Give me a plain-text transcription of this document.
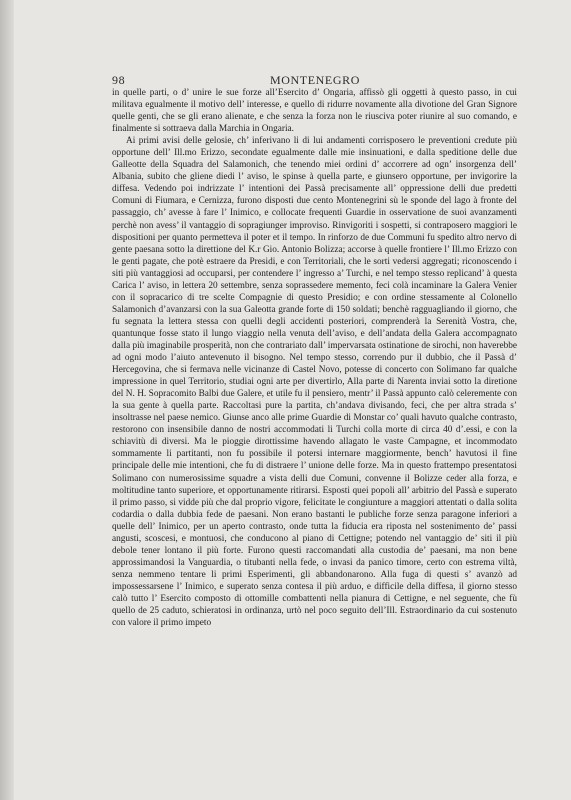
98	MONTENEGRO

in quelle parti, o d’ unire le sue forze all’Esercito d’ Ongaria, affissò gli oggetti à questo passo, in cui militava egualmente il motivo dell’ interesse, e quello di ridurre novamente alla divotione del Gran Signore quelle genti, che se gli erano alienate, e che senza la forza non le riusciva poter riunire al suo comando, e finalmente si sottraeva dalla Marchia in Ongaria.

Ai primi avisi delle gelosie, ch’ inferivano li di lui andamenti corrisposero le preventioni credute più opportune dell’ Ill.mo Erizzo, secondate egualmente dalle mie insinuationi, e dalla speditione delle due Galleotte della Squadra del Salamonich, che tenendo miei ordini d’ accorrere ad ogn’ insorgenza dell’ Albania, subito che gliene diedi l’ aviso, le spinse à quella parte, e giunsero opportune, per invigorire la diffesa. Vedendo poi indrizzate l’ intentioni dei Passà precisamente all’ oppressione delli due predetti Comuni di Fiumara, e Cernizza, furono disposti due cento Montenegrini sù le sponde del lago à fronte del passaggio, ch’ avesse à fare l’ Inimico, e collocate frequenti Guardie in osservatione de suoi avanzamenti perchè non avess’ il vantaggio di sopragiunger improviso. Rinvigoriti i sospetti, si contraposero maggiori le dispositioni per quanto permetteva il poter et il tempo. In rinforzo de due Communi fu spedito altro nervo di gente paesana sotto la direttione del K.r Gio. Antonio Bolizza; accorse à quelle frontiere l’ Ill.mo Erizzo con le genti pagate, che potè estraere da Presidi, e con Territoriali, che le sorti vedersi aggregati; riconoscendo i siti più vantaggiosi ad occuparsi, per contendere l’ ingresso a’ Turchi, e nel tempo stesso replicand’ à questa Carica l’ aviso, in lettera 20 settembre, senza soprassedere memento, feci colà incaminare la Galera Venier con il sopracarico di tre scelte Compagnie di questo Presidio; e con ordine stessamente al Colonello Salamonich d’avanzarsi con la sua Galeotta grande forte di 150 soldati; benchè ragguagliando il giorno, che fu segnata la lettera stessa con quelli degli accidenti posteriori, comprenderà la Serenità Vostra, che, quantunque fosse stato il lungo viaggio nella venuta dell’aviso, e dell’andata della Galera accompagnato dalla più imaginabile prosperità, non che contrariato dall’ impervarsata ostinatione de sirochi, non haverebbe ad ogni modo l’aiuto antevenuto il bisogno. Nel tempo stesso, correndo pur il dubbio, che il Passà d’ Hercegovina, che si fermava nelle vicinanze di Castel Novo, potesse di concerto con Solimano far qualche impressione in quel Territorio, studiai ogni arte per divertirlo, Alla parte di Narenta inviai sotto la diretione del N. H. Sopracomito Balbi due Galere, et utile fu il pensiero, mentr’ il Passà appunto calò celeremente con la sua gente à quella parte. Raccoltasi pure la partita, ch’andava divisando, feci, che per altra strada s’ insoltrasse nel paese nemico. Giunse anco alle prime Guardie di Monstar co’ quali havuto qualche contrasto, restorono con insensibile danno de nostri accommodati li Turchi colla morte di circa 40 d’.essi, e con la schiavitù di diversi. Ma le pioggie dirottissime havendo allagato le vaste Campagne, et incommodato sommamente li partitanti, non fu possibile il potersi internare maggiormente, bench’ havutosi il fine principale delle mie intentioni, che fu di distraere l’ unione delle forze. Ma in questo frattempo presentatosi Solimano con numerosissime squadre a vista delli due Comuni, convenne il Bolizze ceder alla forza, e moltitudine tanto superiore, et opportunamente ritirarsi. Esposti quei popoli all’ arbitrio del Passà e superato il primo passo, si vidde più che dal proprio vigore, felicitate le congiunture a maggiori attentati o dalla solita codardia o dalla dubbia fede de paesani. Non erano bastanti le publiche forze senza paragone inferiori a quelle dell’ Inimico, per un aperto contrasto, onde tutta la fiducia era riposta nel sostenimento de’ passi angusti, scoscesi, e montuosi, che conducono al piano di Cettigne; potendo nel vantaggio de’ siti il più debole tener lontano il più forte. Furono questi raccomandati alla custodia de’ paesani, ma non bene approssimandosi la Vanguardia, o titubanti nella fede, o invasi da panico timore, certo con estrema viltà, senza nemmeno tentare li primi Esperimenti, gli abbandonarono. Alla fuga di questi s’ avanzò ad impossessarsene l’ Inimico, e superato senza contesa il più arduo, e difficile della diffesa, il giorno stesso calò tutto l’ Esercito composto di ottomille combattenti nella pianura di Cettigne, e nel seguente, che fù quello de 25 caduto, schieratosi in ordinanza, urtò nel poco seguito dell’Ill. Estraordinario da cui sostenuto con valore il primo impeto
